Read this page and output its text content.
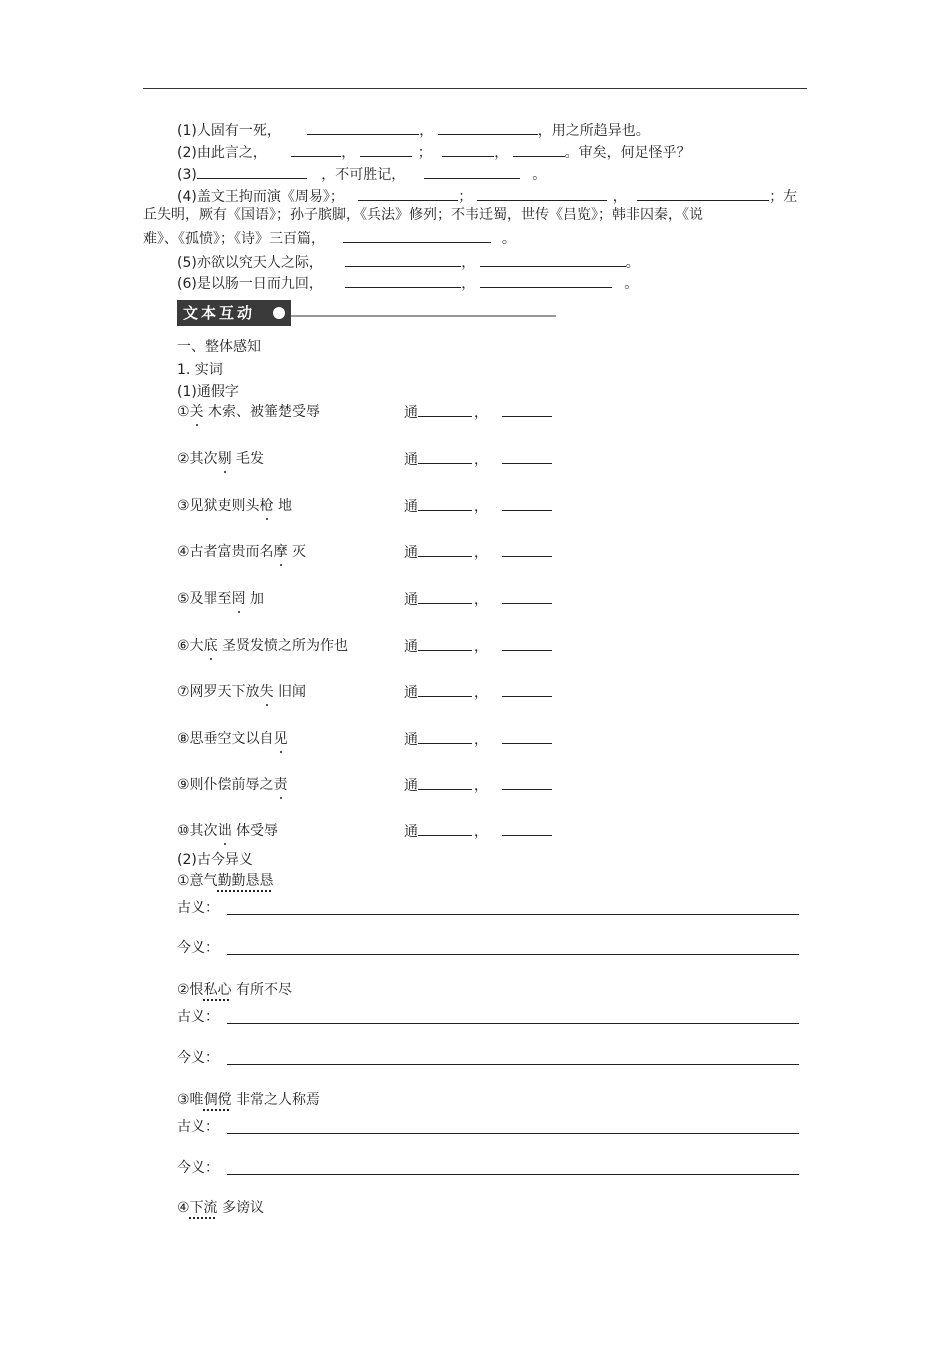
(1)人固有一死，	，	，用之所趋异也。
(2)由此言之，	，	；	，	。审矣，何足怪乎？
(3)	，不可胜记，	。
(4)盖文王拘而演《周易》；	；	，	；左
丘失明，厥有《国语》；孙子膑脚，《兵法》修列；不韦迁蜀，世传《吕览》；韩非囚秦，《说
难》、《孤愤》；《诗》三百篇，	。
(5)亦欲以究天人之际，	，	。
(6)是以肠一日而九回，	，	。
文本互动
一、整体感知
1. 实词
(1)通假字
①关 木索、被箠楚受辱	通	，
②其次剔 毛发	通	，
③见狱吏则头枪 地	通	，
④古者富贵而名摩 灭	通	，
⑤及罪至罔 加	通	，
⑥大底 圣贤发愤之所为作也	通	，
⑦网罗天下放失 旧闻	通	，
⑧思垂空文以自见	通	，
⑨则仆偿前辱之责	通	，
⑩其次诎 体受辱	通	，
(2)古今异义
①意气勤勤恳恳
古义：
今义：
②恨私心 有所不尽
古义：
今义：
③唯倜傥 非常之人称焉
古义：
今义：
④下流 多谤议
